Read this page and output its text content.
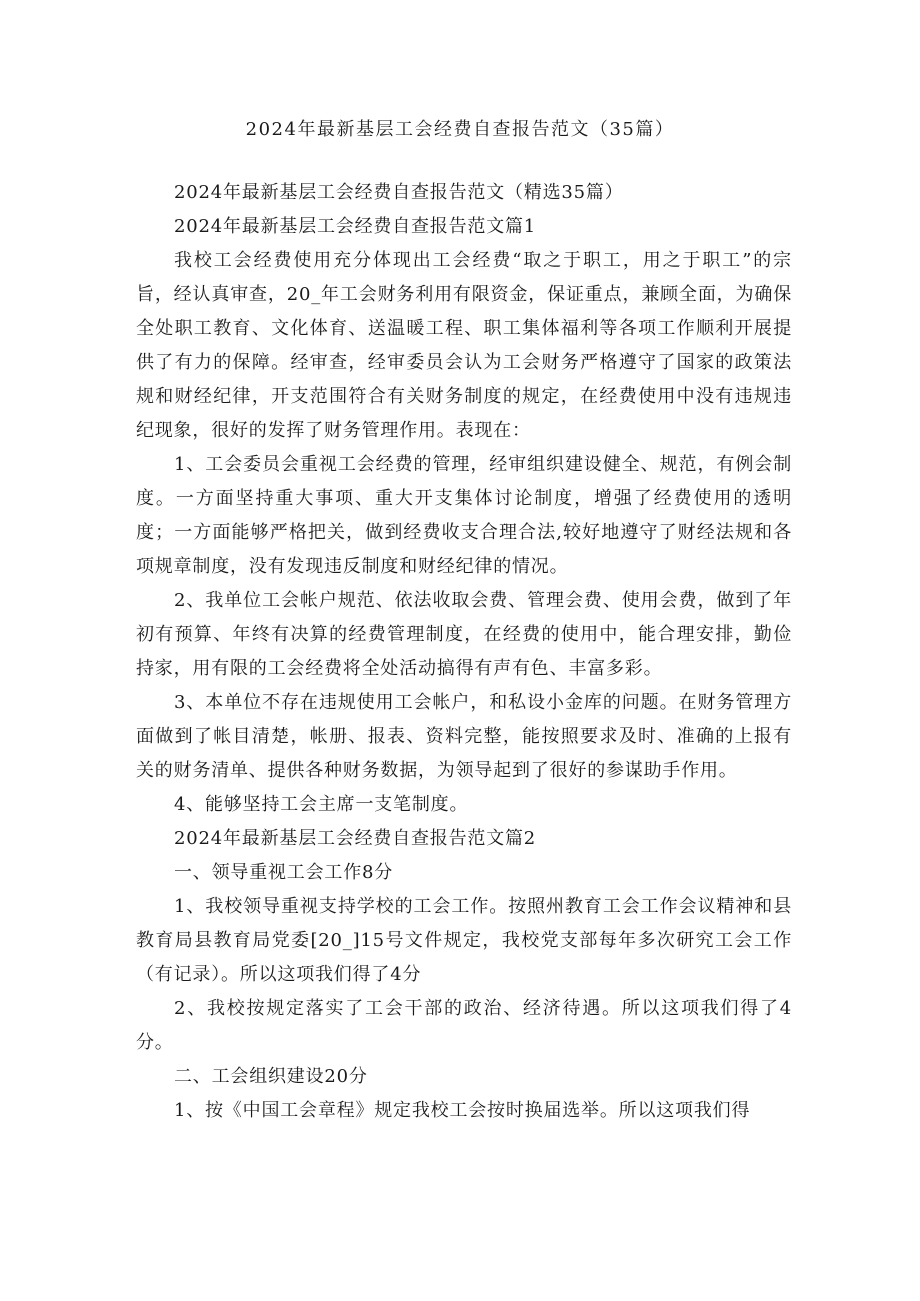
2024年最新基层工会经费自查报告范文（35篇）

2024年最新基层工会经费自查报告范文（精选35篇）

2024年最新基层工会经费自查报告范文篇1

我校工会经费使用充分体现出工会经费“取之于职工，用之于职工”的宗旨，经认真审查，20_年工会财务利用有限资金，保证重点，兼顾全面，为确保全处职工教育、文化体育、送温暖工程、职工集体福利等各项工作顺利开展提供了有力的保障。经审查，经审委员会认为工会财务严格遵守了国家的政策法规和财经纪律，开支范围符合有关财务制度的规定，在经费使用中没有违规违纪现象，很好的发挥了财务管理作用。表现在：

1、工会委员会重视工会经费的管理，经审组织建设健全、规范，有例会制度。一方面坚持重大事项、重大开支集体讨论制度，增强了经费使用的透明度；一方面能够严格把关，做到经费收支合理合法,较好地遵守了财经法规和各项规章制度，没有发现违反制度和财经纪律的情况。

2、我单位工会帐户规范、依法收取会费、管理会费、使用会费，做到了年初有预算、年终有决算的经费管理制度，在经费的使用中，能合理安排，勤俭持家，用有限的工会经费将全处活动搞得有声有色、丰富多彩。

3、本单位不存在违规使用工会帐户，和私设小金库的问题。在财务管理方面做到了帐目清楚，帐册、报表、资料完整，能按照要求及时、准确的上报有关的财务清单、提供各种财务数据，为领导起到了很好的参谋助手作用。

4、能够坚持工会主席一支笔制度。

2024年最新基层工会经费自查报告范文篇2

一、领导重视工会工作8分

1、我校领导重视支持学校的工会工作。按照州教育工会工作会议精神和县教育局县教育局党委[20_]15号文件规定，我校党支部每年多次研究工会工作（有记录）。所以这项我们得了4分

2、我校按规定落实了工会干部的政治、经济待遇。所以这项我们得了4分。

二、工会组织建设20分

1、按《中国工会章程》规定我校工会按时换届选举。所以这项我们得
